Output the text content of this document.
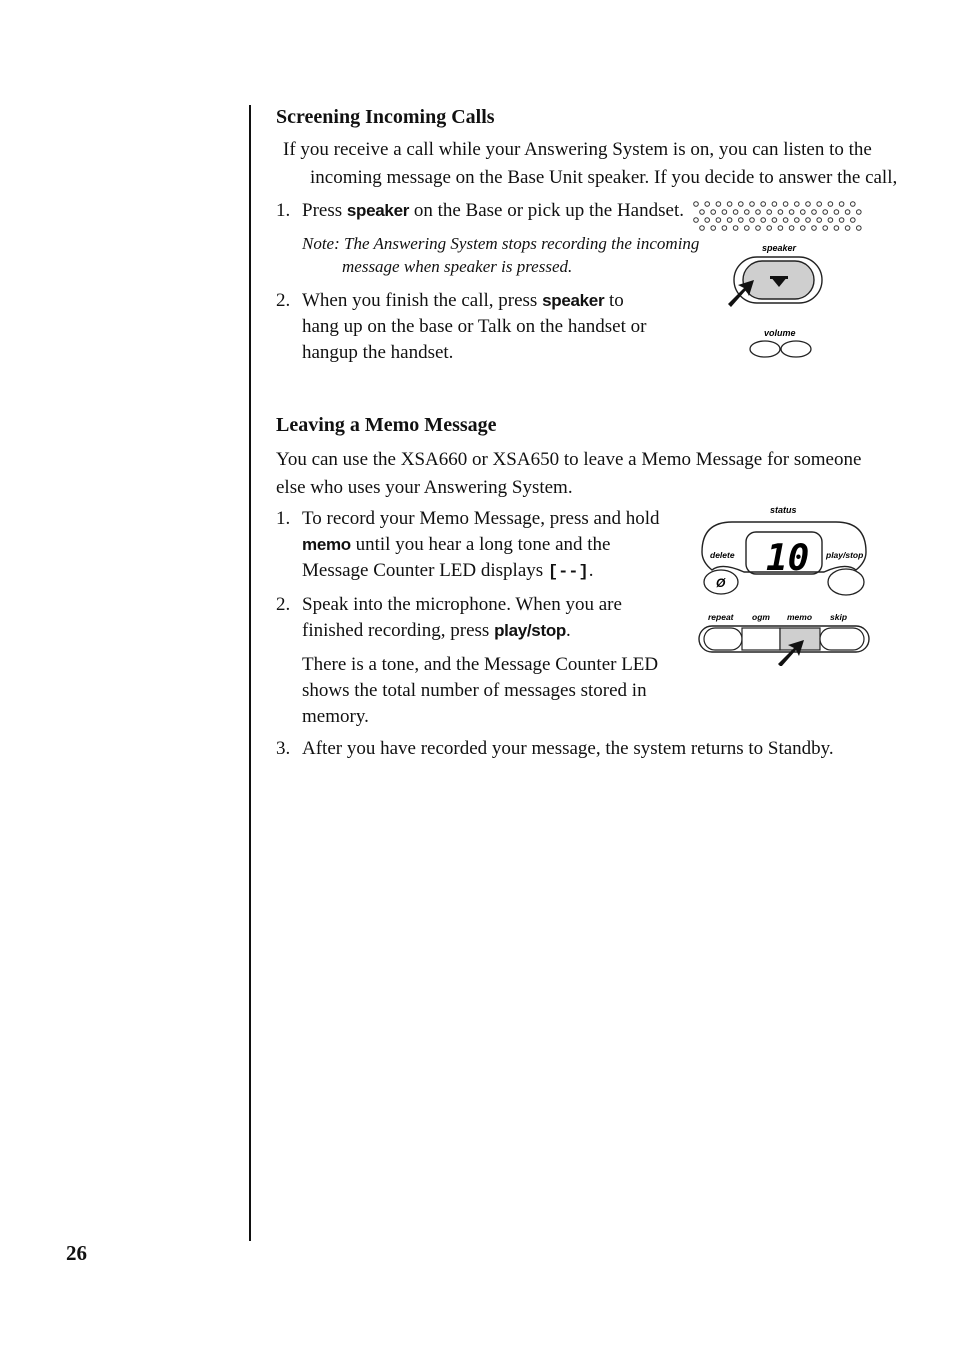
26
Screening Incoming Calls
If you receive a call while your Answering System is on, you can listen to the incoming message on the Base Unit speaker. If you decide to answer the call,
1. Press speaker on the Base or pick up the Handset.
Note: The Answering System stops recording the incoming message when speaker is pressed.
2. When you finish the call, press speaker to hang up on the base or Talk on the handset or hangup the handset.
Leaving a Memo Message
You can use the XSA660 or XSA650 to leave a Memo Message for someone else who uses your Answering System.
1. To record your Memo Message, press and hold memo until you hear a long tone and the Message Counter LED displays [--].
2. Speak into the microphone. When you are finished recording, press play/stop.
There is a tone, and the Message Counter LED shows the total number of messages stored in memory.
3. After you have recorded your message, the system returns to Standby.
speaker
volume
status
10
delete	play/stop
Ø
repeat ogm memo skip
